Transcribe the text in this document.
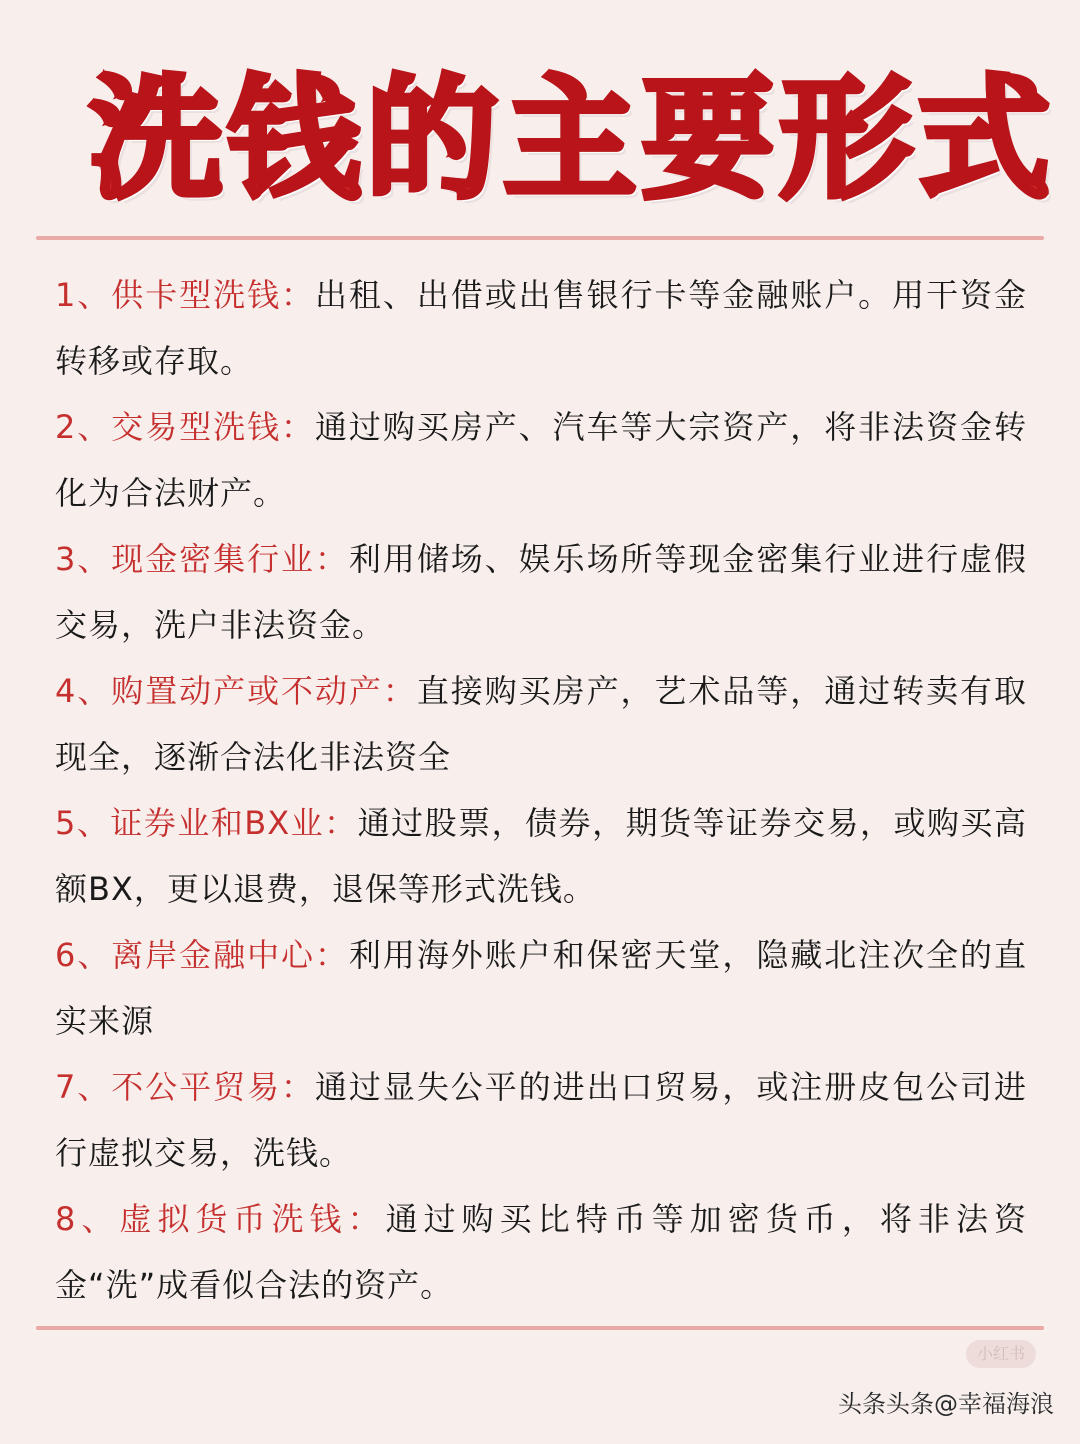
洗钱的主要形式
1、供卡型洗钱：出租、出借或出售银行卡等金融账户。用干资金转移或存取。
2、交易型洗钱：通过购买房产、汽车等大宗资产，将非法资金转化为合法财产。
3、现金密集行业：利用储场、娱乐场所等现金密集行业进行虚假交易，洗户非法资金。
4、购置动产或不动产：直接购买房产，艺术品等，通过转卖有取现全，逐渐合法化非法资全
5、证券业和BX业：通过股票，债券，期货等证券交易，或购买高额BX，更以退费，退保等形式洗钱。
6、离岸金融中心：利用海外账户和保密天堂，隐藏北注次全的直实来源
7、不公平贸易：通过显失公平的进出口贸易，或注册皮包公司进行虚拟交易，洗钱。
8、虚拟货币洗钱：通过购买比特币等加密货币，将非法资金“洗”成看似合法的资产。
小红书
头条头条@幸福海浪
